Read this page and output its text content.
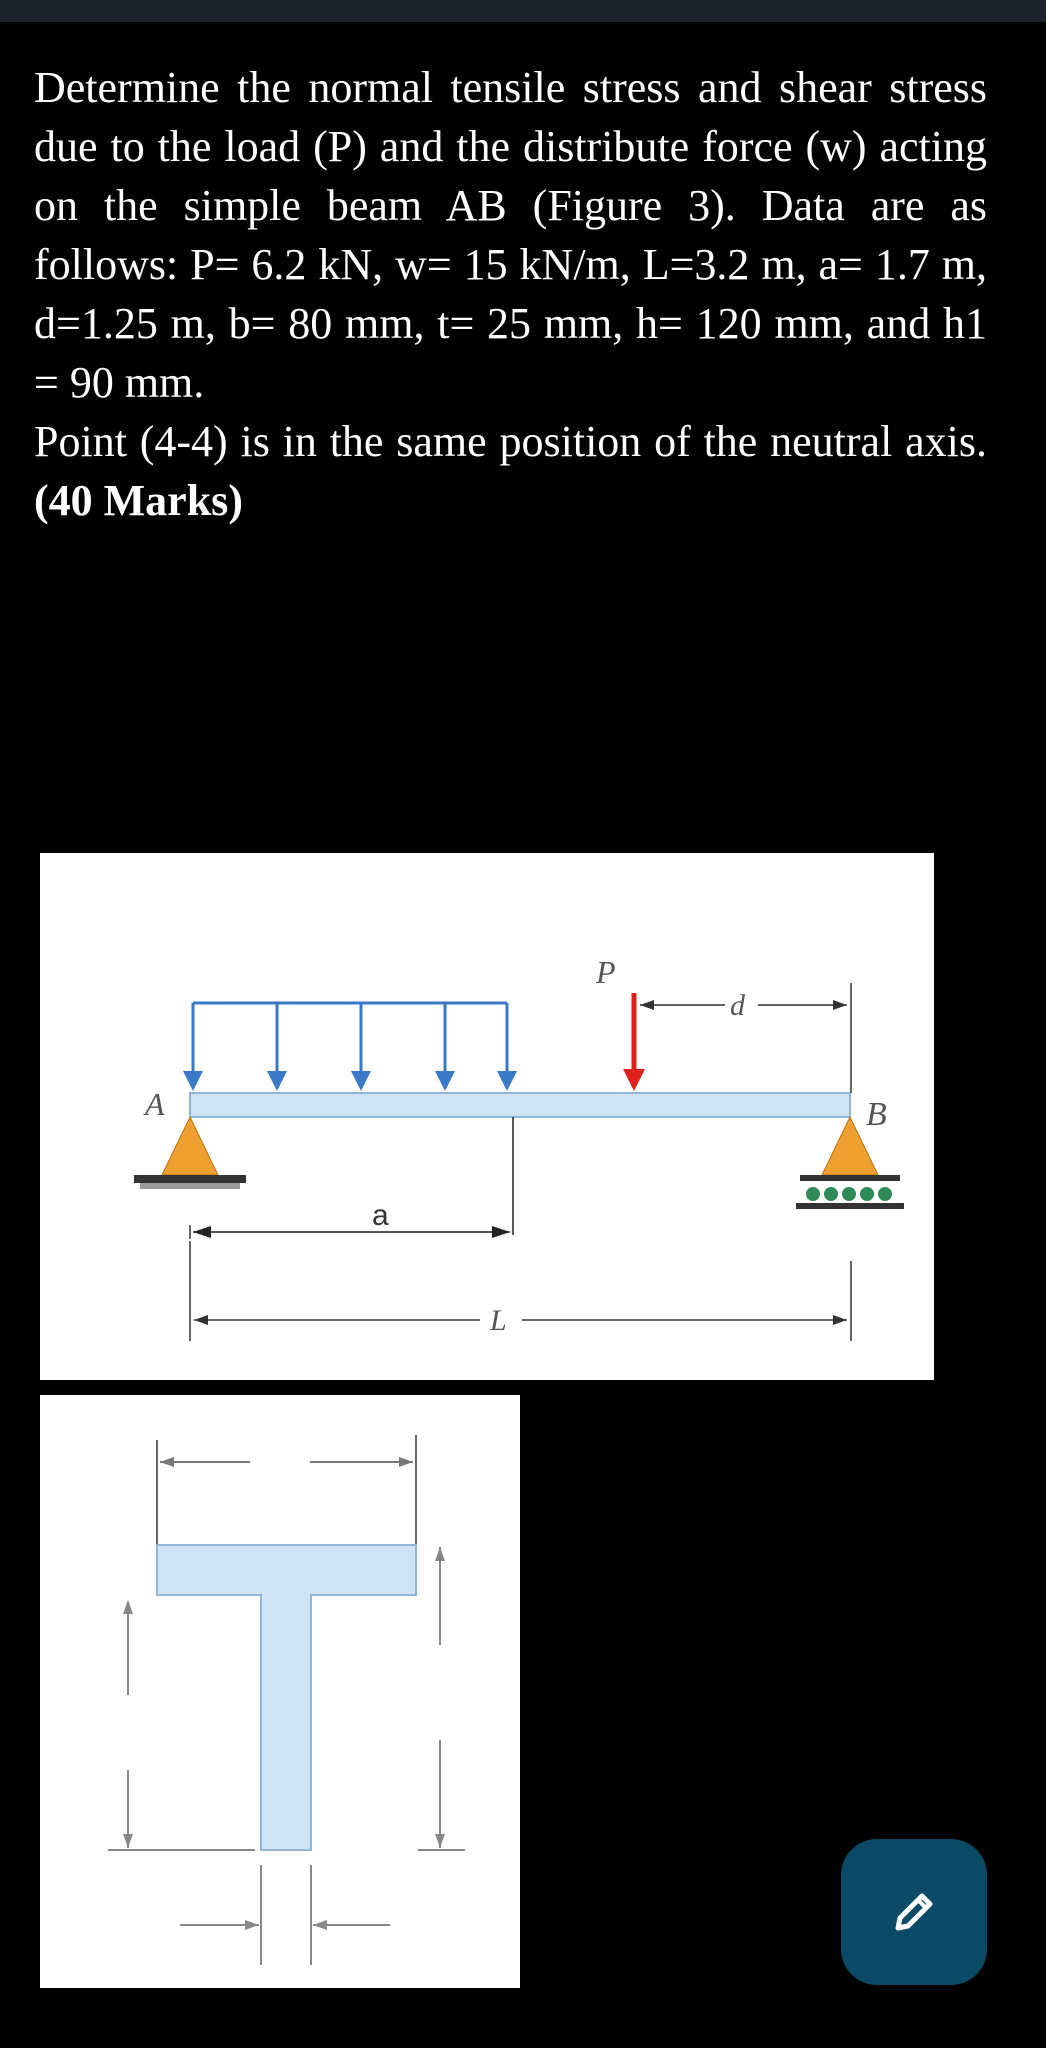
Determine the normal tensile stress and shear stress due to the load (P) and the distribute force (w) acting on the simple beam AB (Figure 3). Data are as follows: P= 6.2 kN, w= 15 kN/m, L=3.2 m, a= 1.7 m, d=1.25 m, b= 80 mm, t= 25 mm, h= 120 mm, and h1 = 90 mm.

Point (4-4) is in the same position of the neutral axis.

(40 Marks)

P
d
A	B
a
L
